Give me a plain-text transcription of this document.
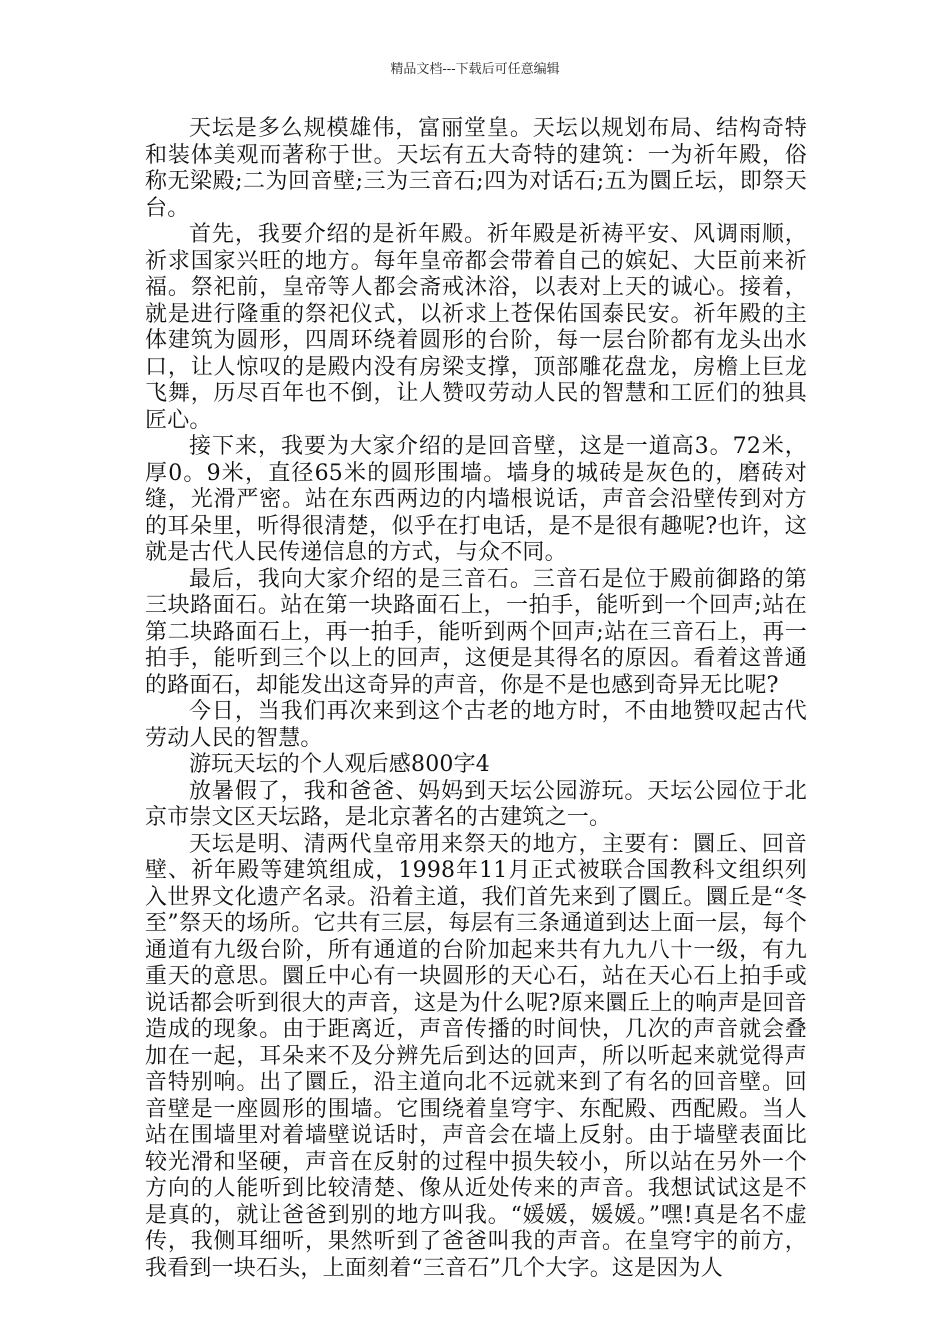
精品文档---下载后可任意编辑

天坛是多么规模雄伟，富丽堂皇。天坛以规划布局、结构奇特和装体美观而著称于世。天坛有五大奇特的建筑：一为祈年殿，俗称无梁殿;二为回音壁;三为三音石;四为对话石;五为圜丘坛，即祭天台。

首先，我要介绍的是祈年殿。祈年殿是祈祷平安、风调雨顺，祈求国家兴旺的地方。每年皇帝都会带着自己的嫔妃、大臣前来祈福。祭祀前，皇帝等人都会斋戒沐浴，以表对上天的诚心。接着，就是进行隆重的祭祀仪式，以祈求上苍保佑国泰民安。祈年殿的主体建筑为圆形，四周环绕着圆形的台阶，每一层台阶都有龙头出水口，让人惊叹的是殿内没有房梁支撑，顶部雕花盘龙，房檐上巨龙飞舞，历尽百年也不倒，让人赞叹劳动人民的智慧和工匠们的独具匠心。

接下来，我要为大家介绍的是回音壁，这是一道高3。72米，厚0。9米，直径65米的圆形围墙。墙身的城砖是灰色的，磨砖对缝，光滑严密。站在东西两边的内墙根说话，声音会沿壁传到对方的耳朵里，听得很清楚，似乎在打电话，是不是很有趣呢?也许，这就是古代人民传递信息的方式，与众不同。

最后，我向大家介绍的是三音石。三音石是位于殿前御路的第三块路面石。站在第一块路面石上，一拍手，能听到一个回声;站在第二块路面石上，再一拍手，能听到两个回声;站在三音石上，再一拍手，能听到三个以上的回声，这便是其得名的原因。看着这普通的路面石，却能发出这奇异的声音，你是不是也感到奇异无比呢?

今日，当我们再次来到这个古老的地方时，不由地赞叹起古代劳动人民的智慧。

游玩天坛的个人观后感800字4

放暑假了，我和爸爸、妈妈到天坛公园游玩。天坛公园位于北京市崇文区天坛路，是北京著名的古建筑之一。

天坛是明、清两代皇帝用来祭天的地方，主要有：圜丘、回音壁、祈年殿等建筑组成，1998年11月正式被联合国教科文组织列入世界文化遗产名录。沿着主道，我们首先来到了圜丘。圜丘是“冬至”祭天的场所。它共有三层，每层有三条通道到达上面一层，每个通道有九级台阶，所有通道的台阶加起来共有九九八十一级，有九重天的意思。圜丘中心有一块圆形的天心石，站在天心石上拍手或说话都会听到很大的声音，这是为什么呢?原来圜丘上的响声是回音造成的现象。由于距离近，声音传播的时间快，几次的声音就会叠加在一起，耳朵来不及分辨先后到达的回声，所以听起来就觉得声音特别响。出了圜丘，沿主道向北不远就来到了有名的回音壁。回音壁是一座圆形的围墙。它围绕着皇穹宇、东配殿、西配殿。当人站在围墙里对着墙壁说话时，声音会在墙上反射。由于墙壁表面比较光滑和坚硬，声音在反射的过程中损失较小，所以站在另外一个方向的人能听到比较清楚、像从近处传来的声音。我想试试这是不是真的，就让爸爸到别的地方叫我。“媛媛，媛媛。”嘿!真是名不虚传，我侧耳细听，果然听到了爸爸叫我的声音。在皇穹宇的前方，我看到一块石头，上面刻着“三音石”几个大字。这是因为人
